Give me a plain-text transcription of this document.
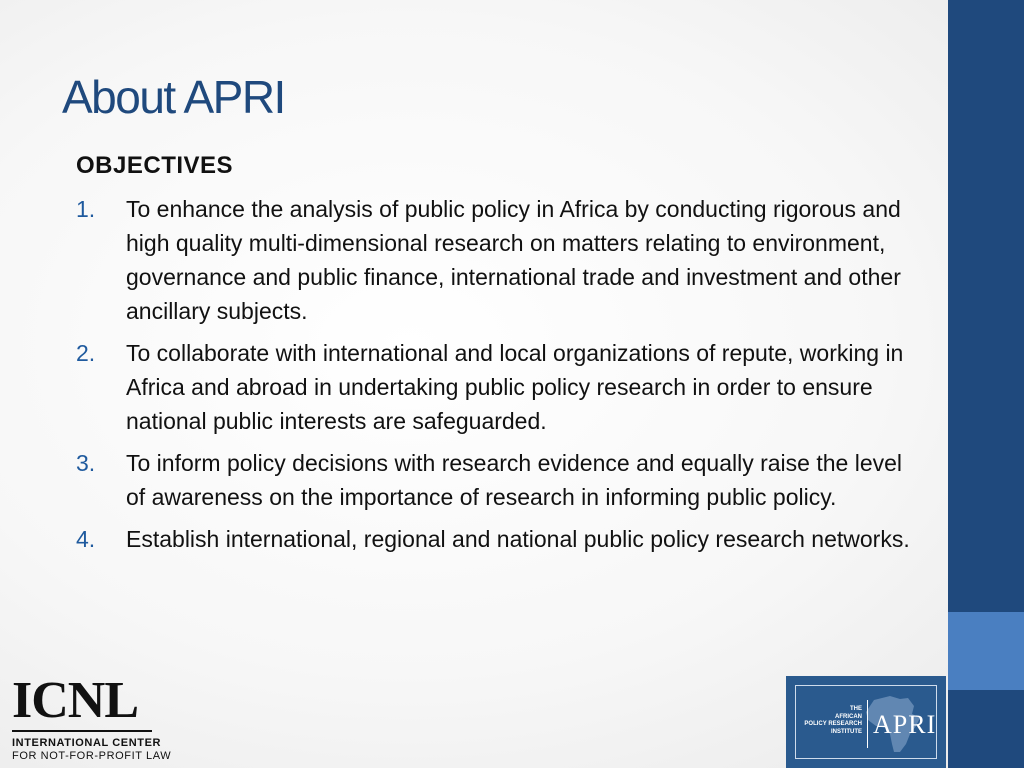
About APRI
OBJECTIVES
1.	To enhance the analysis of public policy in Africa by conducting rigorous and high quality multi-dimensional research on matters relating to environment, governance and public finance, international trade and investment and other ancillary subjects.
2.	To collaborate with international and local organizations of repute, working in Africa and abroad in undertaking public policy research in order to ensure national public interests are safeguarded.
3.	To inform policy decisions with research evidence and equally raise the level of awareness on the importance of research in informing public policy.
4.	Establish international, regional and national public policy research networks.
ICNL
INTERNATIONAL CENTER
FOR NOT-FOR-PROFIT LAW
THE
AFRICAN
POLICY RESEARCH
INSTITUTE APRI
